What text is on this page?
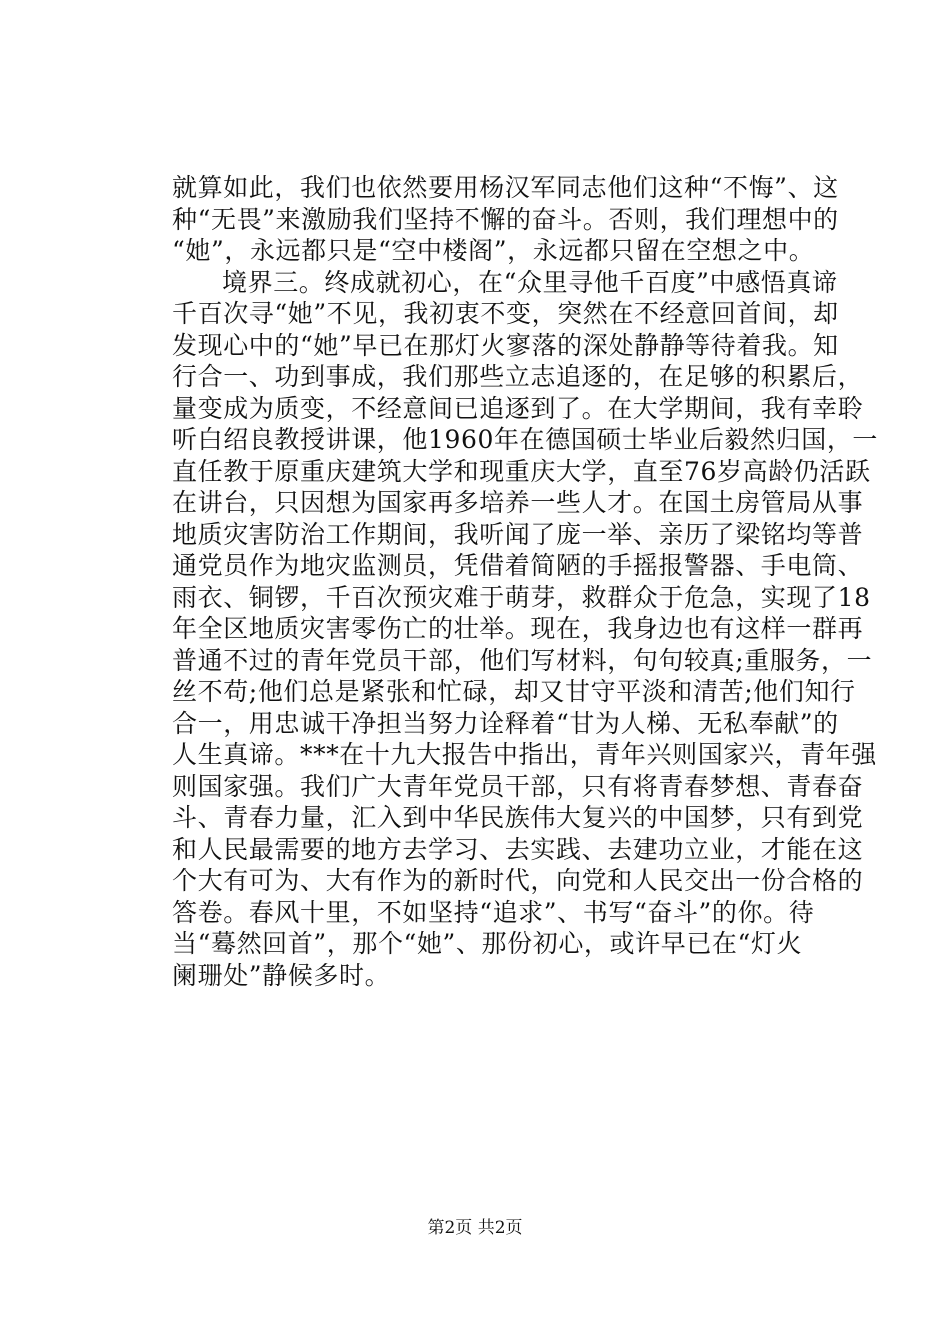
就算如此，我们也依然要用杨汉军同志他们这种“不悔”、这
种“无畏”来激励我们坚持不懈的奋斗。否则，我们理想中的
“她”，永远都只是“空中楼阁”，永远都只留在空想之中。
境界三。终成就初心，在“众里寻他千百度”中感悟真谛
千百次寻“她”不见，我初衷不变，突然在不经意回首间，却
发现心中的“她”早已在那灯火寥落的深处静静等待着我。知
行合一、功到事成，我们那些立志追逐的，在足够的积累后，
量变成为质变，不经意间已追逐到了。在大学期间，我有幸聆
听白绍良教授讲课，他1960年在德国硕士毕业后毅然归国，一
直任教于原重庆建筑大学和现重庆大学，直至76岁高龄仍活跃
在讲台，只因想为国家再多培养一些人才。在国土房管局从事
地质灾害防治工作期间，我听闻了庞一举、亲历了梁铭均等普
通党员作为地灾监测员，凭借着简陋的手摇报警器、手电筒、
雨衣、铜锣，千百次预灾难于萌芽，救群众于危急，实现了18
年全区地质灾害零伤亡的壮举。现在，我身边也有这样一群再
普通不过的青年党员干部，他们写材料，句句较真;重服务，一
丝不苟;他们总是紧张和忙碌，却又甘守平淡和清苦;他们知行
合一，用忠诚干净担当努力诠释着“甘为人梯、无私奉献”的
人生真谛。***在十九大报告中指出，青年兴则国家兴，青年强
则国家强。我们广大青年党员干部，只有将青春梦想、青春奋
斗、青春力量，汇入到中华民族伟大复兴的中国梦，只有到党
和人民最需要的地方去学习、去实践、去建功立业，才能在这
个大有可为、大有作为的新时代，向党和人民交出一份合格的
答卷。春风十里，不如坚持“追求”、书写“奋斗”的你。待
当“蓦然回首”，那个“她”、那份初心，或许早已在“灯火
阑珊处”静候多时。
第2页 共2页
